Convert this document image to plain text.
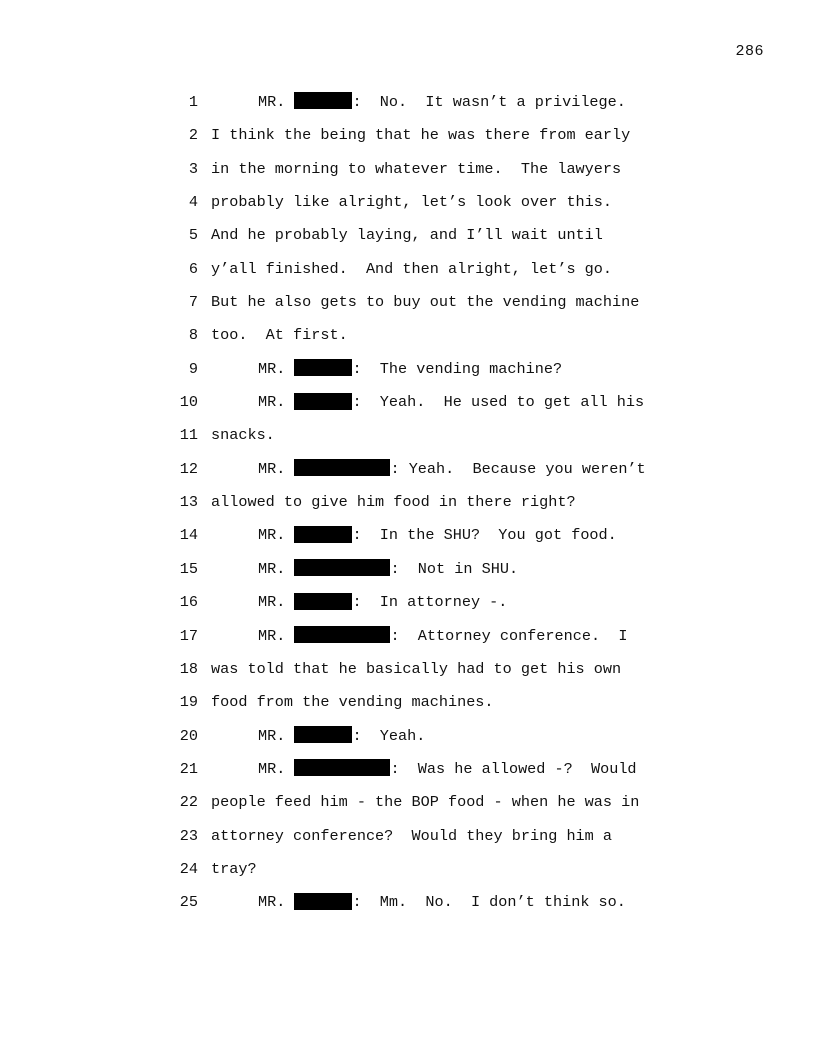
286
1	MR.	:  No.  It wasn’t a privilege.
2 I think the being that he was there from early
3 in the morning to whatever time.  The lawyers
4 probably like alright, let’s look over this.
5 And he probably laying, and I’ll wait until
6 y’all finished.  And then alright, let’s go.
7 But he also gets to buy out the vending machine
8 too.  At first.
9	MR.	:  The vending machine?
10	MR.	:  Yeah.  He used to get all his
11 snacks.
12	MR.	: Yeah.  Because you weren’t
13 allowed to give him food in there right?
14	MR.	:  In the SHU?  You got food.
15	MR.	:  Not in SHU.
16	MR.	:  In attorney -.
17	MR.	:  Attorney conference.  I
18 was told that he basically had to get his own
19 food from the vending machines.
20	MR.	:  Yeah.
21	MR.	:  Was he allowed -?  Would
22 people feed him - the BOP food - when he was in
23 attorney conference?  Would they bring him a
24 tray?
25	MR.	:  Mm.  No.  I don’t think so.
